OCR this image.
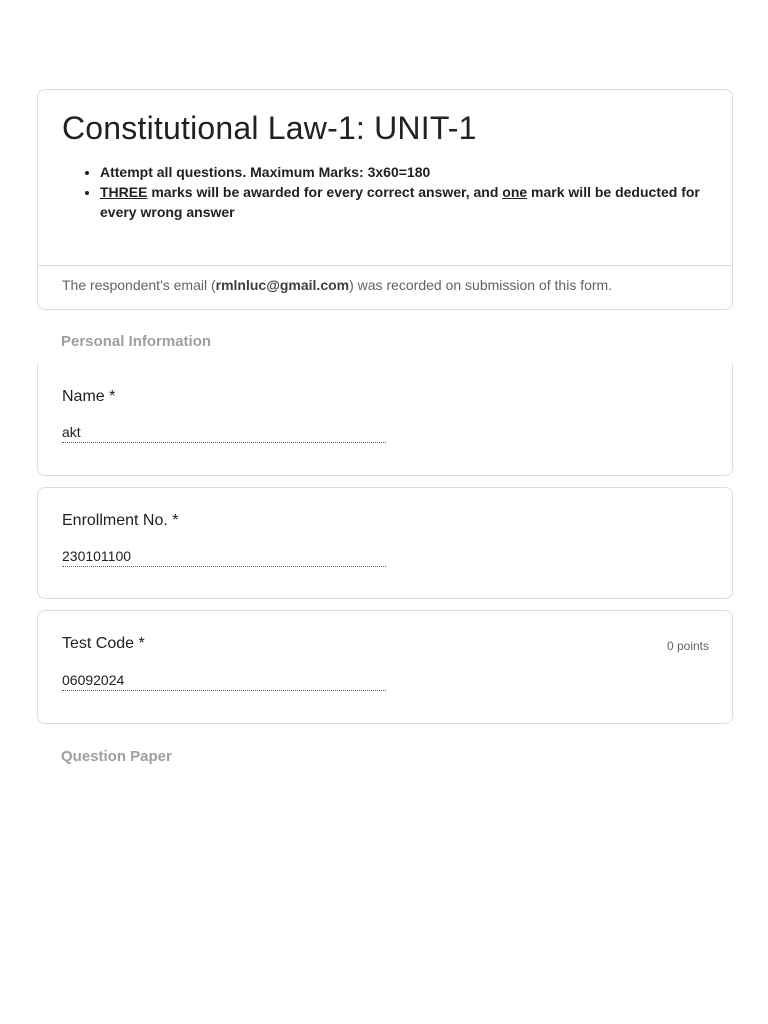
Constitutional Law-1: UNIT-1
• Attempt all questions. Maximum Marks: 3x60=180
• THREE marks will be awarded for every correct answer, and one mark will be deducted for every wrong answer
The respondent's email (rmlnluc@gmail.com) was recorded on submission of this form.
Personal Information
Name *
akt
Enrollment No. *
230101100
Test Code *	0 points
06092024
Question Paper
